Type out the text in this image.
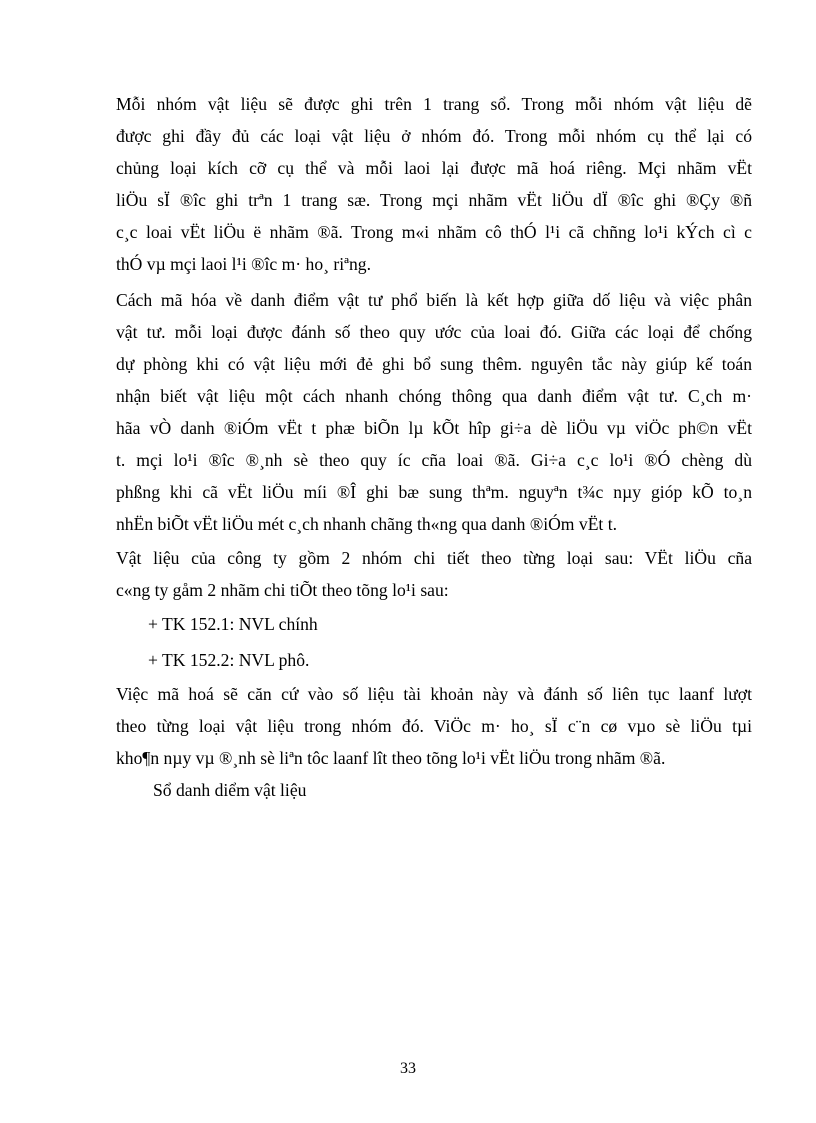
Mỗi nhóm vật liệu sẽ được ghi trên 1 trang sổ. Trong mỗi nhóm vật liệu dẽ
được ghi đầy đủ các loại vật liệu ở nhóm đó. Trong mỗi nhóm cụ thể lại có
chủng loại kích cỡ cụ thể và mỗi laoi lại được mã hoá riêng. Mçi nhãm vËt
liÖu sÏ ®îc ghi trªn 1 trang sæ. Trong mçi nhãm vËt liÖu dÏ ®îc ghi ®Çy ®ñ
c¸c loai vËt liÖu ë nhãm ®ã. Trong m«i nhãm cô thÓ l¹i cã chñng lo¹i kÝch cì c
thÓ vµ mçi laoi l¹i ®îc m· ho¸ riªng.
Cách mã hóa về danh điểm vật tư phổ biến là kết hợp giữa dố liệu và việc phân
vật tư. mỗi loại được đánh số theo quy ước của loai đó. Giữa các loại để chống
dự phòng khi có vật liệu mới đẻ ghi bổ sung thêm. nguyên tắc này giúp kế toán
nhận biết vật liệu một cách nhanh chóng thông qua danh điểm vật tư. C¸ch m·
hãa vÒ danh ®iÓm vËt t phæ biÕn lµ kÕt hîp gi÷a dè liÖu vµ viÖc ph©n vËt
t. mçi lo¹i ®îc ®¸nh sè theo quy íc cña loai ®ã. Gi÷a c¸c lo¹i ®Ó chèng dù
phßng khi cã vËt liÖu míi ®Î ghi bæ sung thªm. nguyªn t¾c nµy gióp kÕ to¸n
nhËn biÕt vËt liÖu mét c¸ch nhanh chãng th«ng qua danh ®iÓm vËt t.
Vật liệu của công ty gồm 2 nhóm chi tiết theo từng loại sau: VËt liÖu cña
c«ng ty gåm 2 nhãm chi tiÕt theo tõng lo¹i sau:
+ TK 152.1: NVL chính
+ TK 152.2: NVL phô.
Việc mã hoá sẽ căn cứ vào số liệu tài khoản này và đánh số liên tục laanf lượt
theo từng loại vật liệu trong nhóm đó. ViÖc m· ho¸ sÏ c¨n cø vµo sè liÖu tµi
kho¶n nµy vµ ®¸nh sè liªn tôc laanf lît theo tõng lo¹i vËt liÖu trong nhãm ®ã.
Sổ danh diểm vật liệu
33
